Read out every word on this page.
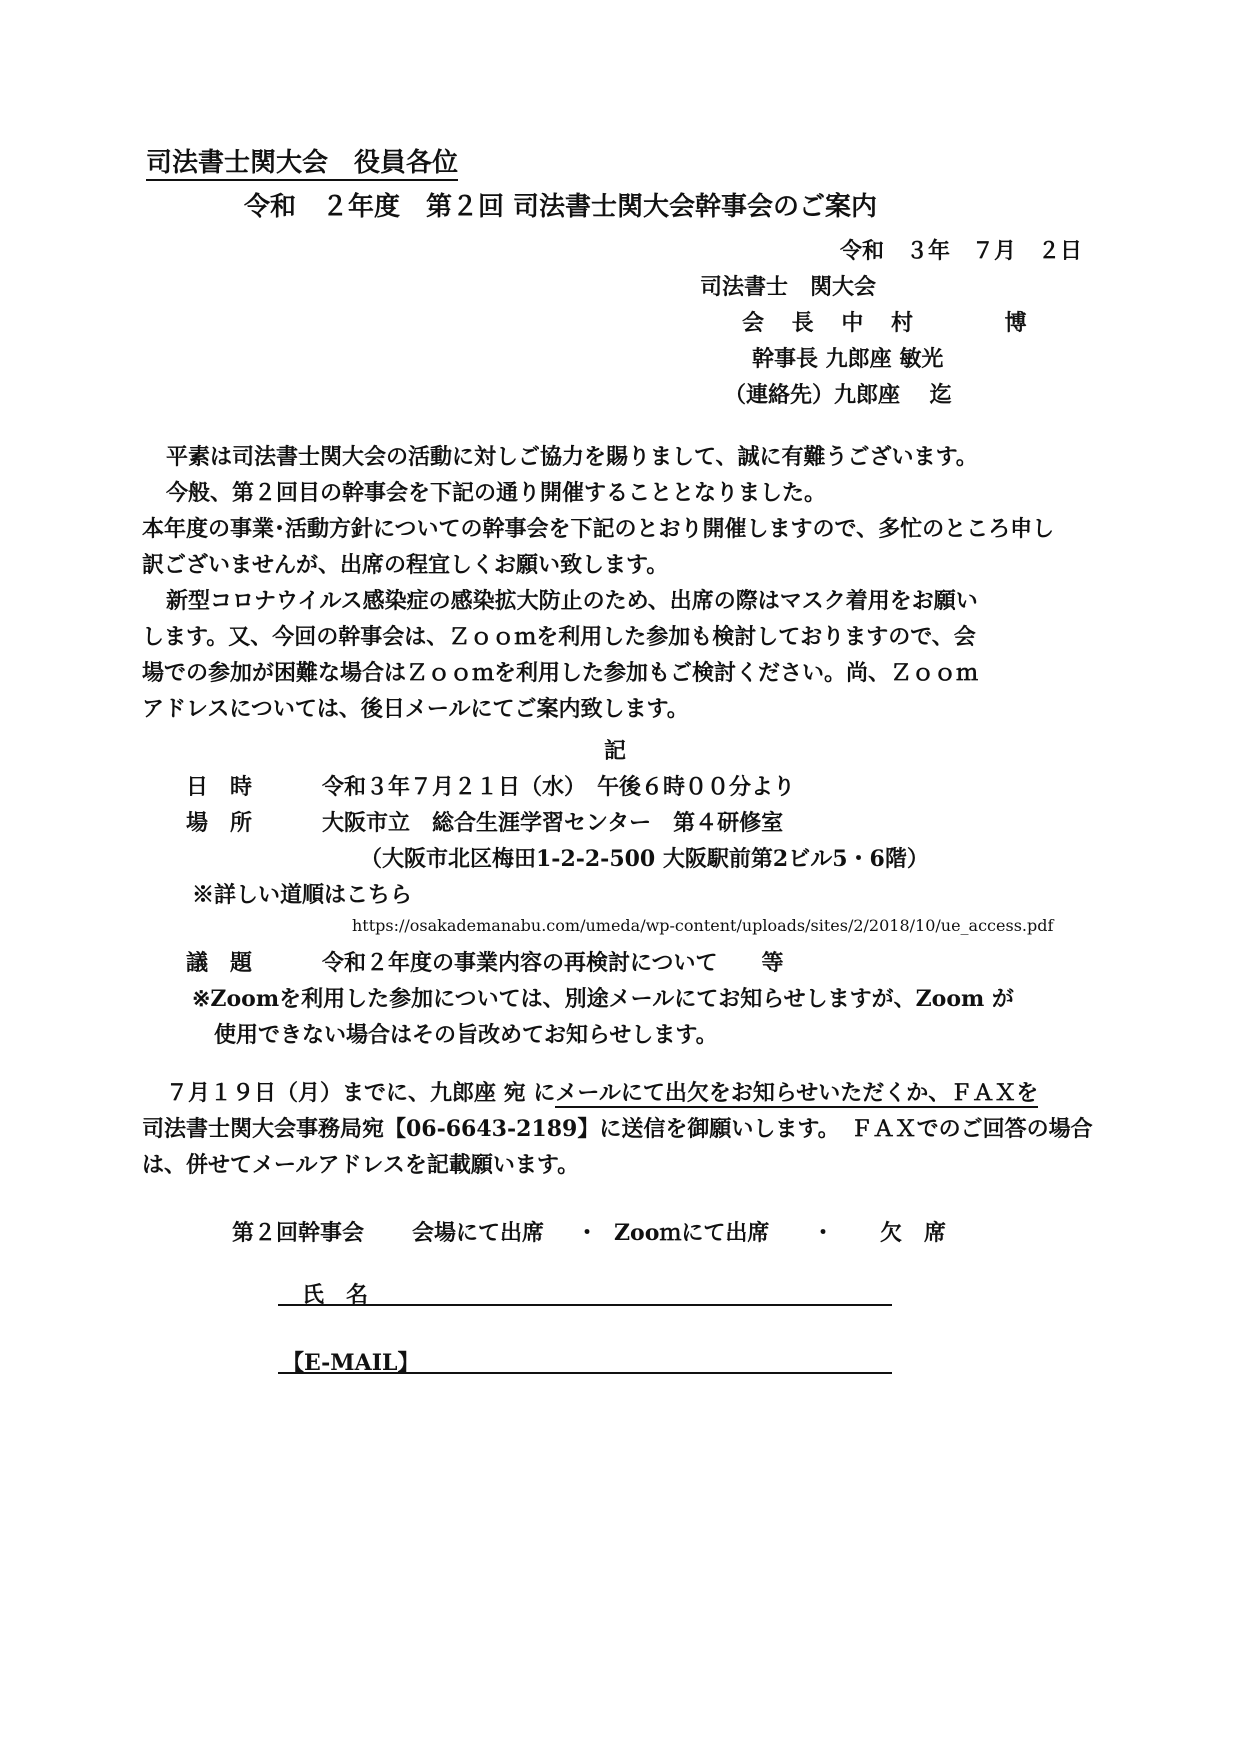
司法書士関大会　役員各位
令和　２年度　第２回 司法書士関大会幹事会のご案内
令和　３年　７月　２日
司法書士　関大会
会 長 中 村 　　博
幹事長 九郎座 敏光
（連絡先）九郎座 　迄
平素は司法書士関大会の活動に対しご協力を賜りまして、誠に有難うございます。
今般、第２回目の幹事会を下記の通り開催することとなりました。
本年度の事業･活動方針についての幹事会を下記のとおり開催しますので、多忙のところ申し
訳ございませんが、出席の程宜しくお願い致します。
新型コロナウイルス感染症の感染拡大防止のため、出席の際はマスク着用をお願い
します。又、今回の幹事会は、Ｚｏｏｍを利用した参加も検討しておりますので、会
場での参加が困難な場合はＺｏｏｍを利用した参加もご検討ください。尚、Ｚｏｏｍ
アドレスについては、後日メールにてご案内致します。
記
日　時	令和３年７月２１日（水）　午後６時００分より
場　所	大阪市立　総合生涯学習センター　第４研修室
（大阪市北区梅田1-2-2-500 大阪駅前第2ビル5・6階）
※詳しい道順はこちら
https://osakademanabu.com/umeda/wp-content/uploads/sites/2/2018/10/ue_access.pdf
議　題	令和２年度の事業内容の再検討について　　等
※Zoomを利用した参加については、別途メールにてお知らせしますが、Zoom が
使用できない場合はその旨改めてお知らせします。
７月１９日（月）までに、九郎座 宛 にメールにて出欠をお知らせいただくか、ＦＡＸを
司法書士関大会事務局宛【06-6643-2189】に送信を御願いします。　ＦＡＸでのご回答の場合
は、併せてメールアドレスを記載願います。
第２回幹事会 会場にて出席 ・ Zooｍにて出席 ・ 欠　席
氏　名
【E-MAIL】
